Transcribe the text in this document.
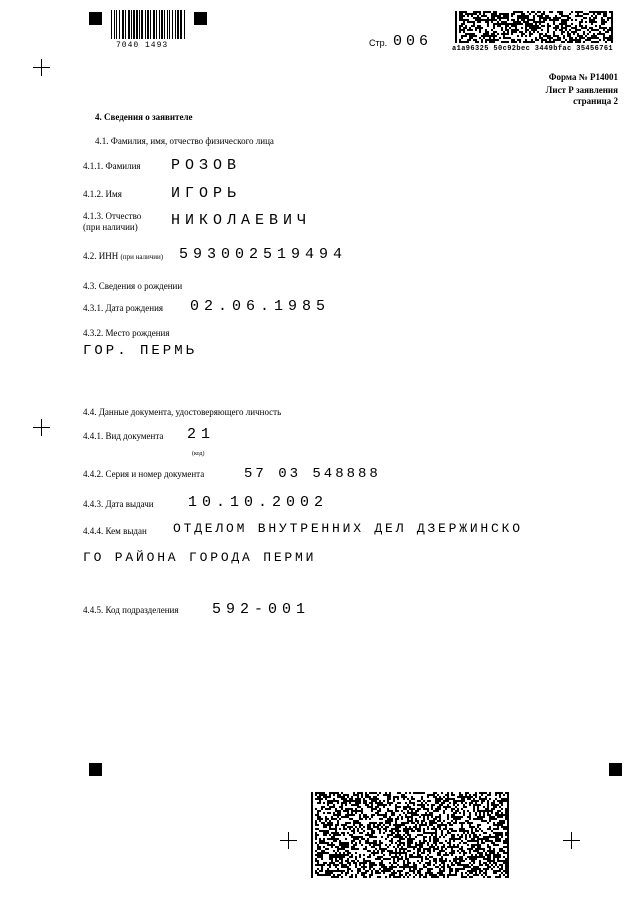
7040 1493	Стр. 006	a1a96325 50c92bec 3449bfac 35456761
Форма № Р14001
Лист Р заявления
страница 2
4. Сведения о заявителе
4.1. Фамилия, имя, отчество физического лица
4.1.1. Фамилия РОЗОВ
4.1.2. Имя	ИГОРЬ
4.1.3. Отчество
(при наличии) НИКОЛАЕВИЧ
4.2. ИНН (при наличии) 593002519494
4.3. Сведения о рождении
4.3.1. Дата рождения 02.06.1985
4.3.2. Место рождения
ГОР. ПЕРМЬ
4.4. Данные документа, удостоверяющего личность
4.4.1. Вид документа 21
(код)
4.4.2. Серия и номер документа	57 03 548888
4.4.3. Дата выдачи 10.10.2002
4.4.4. Кем выдан ОТДЕЛОМ ВНУТРЕННИХ ДЕЛ ДЗЕРЖИНСКО
ГО РАЙОНА ГОРОДА ПЕРМИ
4.4.5. Код подразделения 592-001
